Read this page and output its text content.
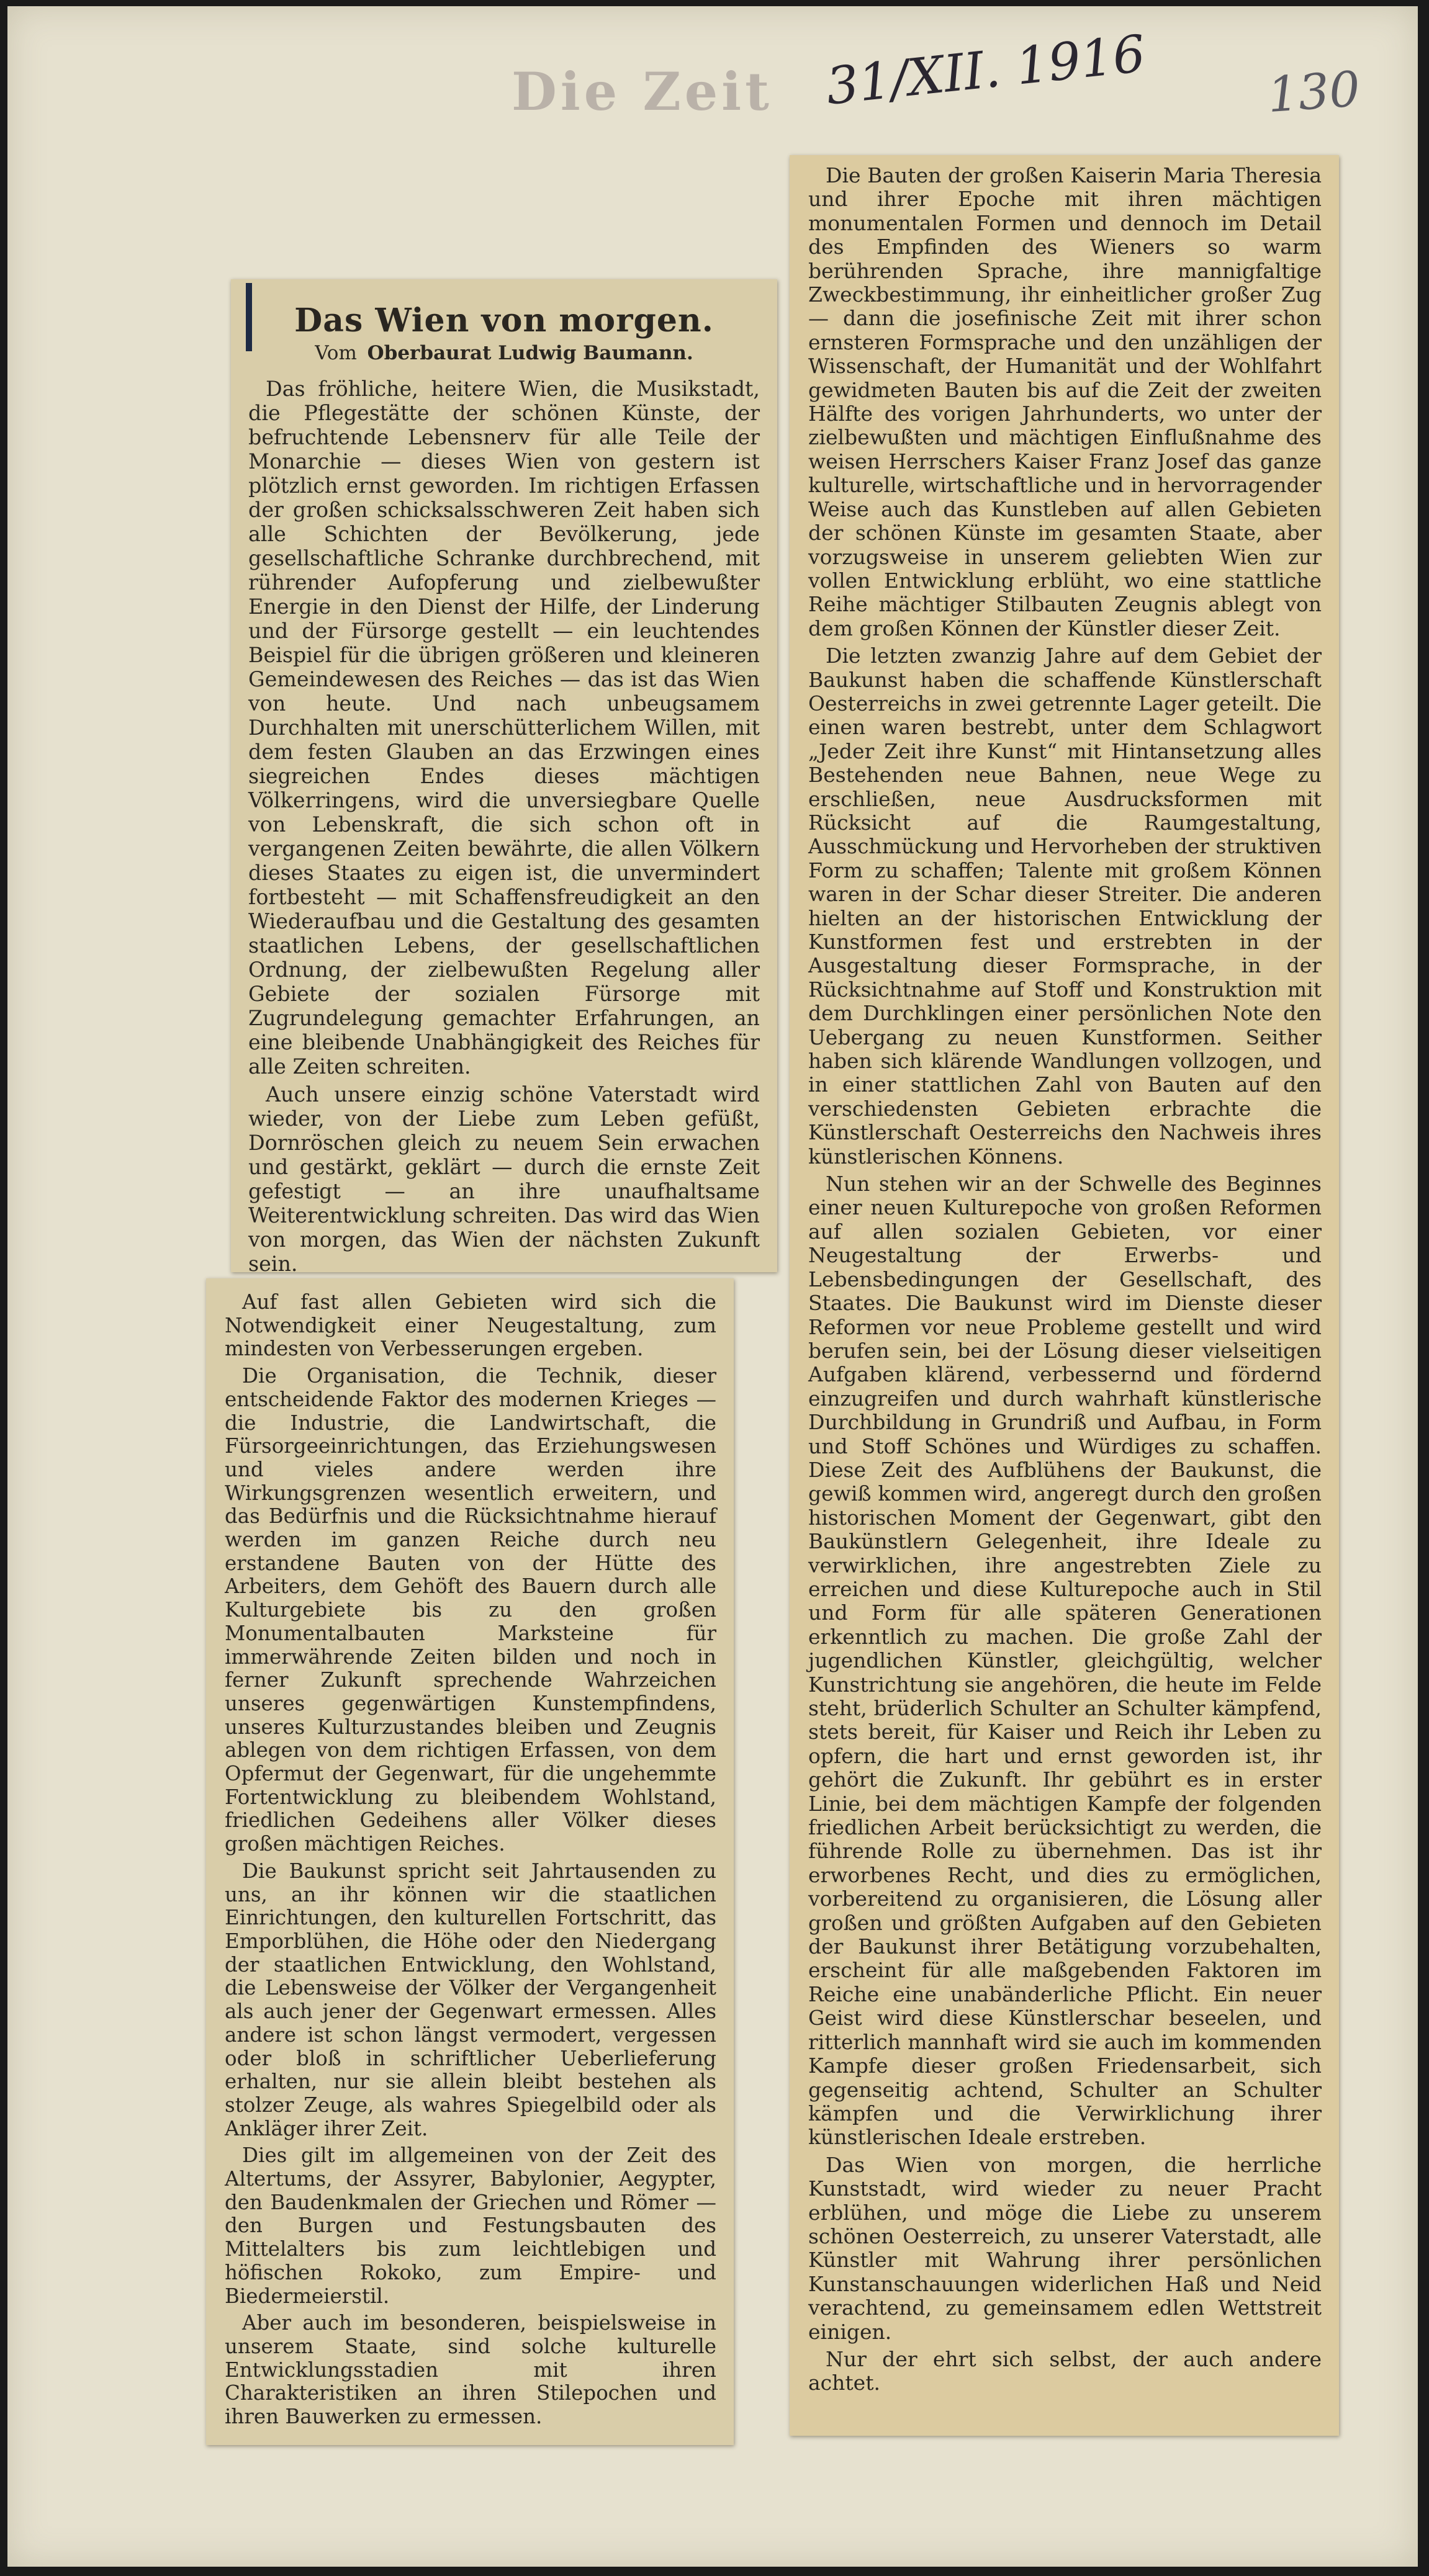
Die Zeit 31/XII. 1916 130
Das Wien von morgen.
Vom Oberbaurat Ludwig Baumann.

Das fröhliche, heitere Wien, die Musikstadt, die Pflegestätte der schönen Künste, der befruchtende Lebensnerv für alle Teile der Monarchie — dieses Wien von gestern ist plötzlich ernst geworden. Im richtigen Erfassen der großen schicksalsschweren Zeit haben sich alle Schichten der Bevölkerung, jede gesellschaftliche Schranke durchbrechend, mit rührender Aufopferung und zielbewußter Energie in den Dienst der Hilfe, der Linderung und der Fürsorge gestellt — ein leuchtendes Beispiel für die übrigen größeren und kleineren Gemeindewesen des Reiches — das ist das Wien von heute. Und nach unbeugsamem Durchhalten mit unerschütterlichem Willen, mit dem festen Glauben an das Erzwingen eines siegreichen Endes dieses mächtigen Völkerringens, wird die unversiegbare Quelle von Lebenskraft, die sich schon oft in vergangenen Zeiten bewährte, die allen Völkern dieses Staates zu eigen ist, die unvermindert fortbesteht — mit Schaffensfreudigkeit an den Wiederaufbau und die Gestaltung des gesamten staatlichen Lebens, der gesellschaftlichen Ordnung, der zielbewußten Regelung aller Gebiete der sozialen Fürsorge mit Zugrundelegung gemachter Erfahrungen, an eine bleibende Unabhängigkeit des Reiches für alle Zeiten schreiten.

Auch unsere einzig schöne Vaterstadt wird wieder, von der Liebe zum Leben gefüßt, Dornröschen gleich zu neuem Sein erwachen und gestärkt, geklärt — durch die ernste Zeit gefestigt — an ihre unaufhaltsame Weiterentwicklung schreiten. Das wird das Wien von morgen, das Wien der nächsten Zukunft sein.

Auf fast allen Gebieten wird sich die Notwendigkeit einer Neugestaltung, zum mindesten von Verbesserungen ergeben.

Die Organisation, die Technik, dieser entscheidende Faktor des modernen Krieges — die Industrie, die Landwirtschaft, die Fürsorgeeinrichtungen, das Erziehungswesen und vieles andere werden ihre Wirkungsgrenzen wesentlich erweitern, und das Bedürfnis und die Rücksichtnahme hierauf werden im ganzen Reiche durch neu erstandene Bauten von der Hütte des Arbeiters, dem Gehöft des Bauern durch alle Kulturgebiete bis zu den großen Monumentalbauten Marksteine für immerwährende Zeiten bilden und noch in ferner Zukunft sprechende Wahrzeichen unseres gegenwärtigen Kunstempfindens, unseres Kulturzustandes bleiben und Zeugnis ablegen von dem richtigen Erfassen, von dem Opfermut der Gegenwart, für die ungehemmte Fortentwicklung zu bleibendem Wohlstand, friedlichen Gedeihens aller Völker dieses großen mächtigen Reiches.

Die Baukunst spricht seit Jahrtausenden zu uns, an ihr können wir die staatlichen Einrichtungen, den kulturellen Fortschritt, das Emporblühen, die Höhe oder den Niedergang der staatlichen Entwicklung, den Wohlstand, die Lebensweise der Völker der Vergangenheit als auch jener der Gegenwart ermessen. Alles andere ist schon längst vermodert, vergessen oder bloß in schriftlicher Ueberlieferung erhalten, nur sie allein bleibt bestehen als stolzer Zeuge, als wahres Spiegelbild oder als Ankläger ihrer Zeit.

Dies gilt im allgemeinen von der Zeit des Altertums, der Assyrer, Babylonier, Aegypter, den Baudenkmalen der Griechen und Römer — den Burgen und Festungsbauten des Mittelalters bis zum leichtlebigen und höfischen Rokoko, zum Empire- und Biedermeierstil.

Aber auch im besonderen, beispielsweise in unserem Staate, sind solche kulturelle Entwicklungsstadien mit ihren Charakteristiken an ihren Stilepochen und ihren Bauwerken zu ermessen.

Die Bauten der großen Kaiserin Maria Theresia und ihrer Epoche mit ihren mächtigen monumentalen Formen und dennoch im Detail des Empfinden des Wieners so warm berührenden Sprache, ihre mannigfaltige Zweckbestimmung, ihr einheitlicher großer Zug — dann die josefinische Zeit mit ihrer schon ernsteren Formsprache und den unzähligen der Wissenschaft, der Humanität und der Wohlfahrt gewidmeten Bauten bis auf die Zeit der zweiten Hälfte des vorigen Jahrhunderts, wo unter der zielbewußten und mächtigen Einflußnahme des weisen Herrschers Kaiser Franz Josef das ganze kulturelle, wirtschaftliche und in hervorragender Weise auch das Kunstleben auf allen Gebieten der schönen Künste im gesamten Staate, aber vorzugsweise in unserem geliebten Wien zur vollen Entwicklung erblüht, wo eine stattliche Reihe mächtiger Stilbauten Zeugnis ablegt von dem großen Können der Künstler dieser Zeit.

Die letzten zwanzig Jahre auf dem Gebiet der Baukunst haben die schaffende Künstlerschaft Oesterreichs in zwei getrennte Lager geteilt. Die einen waren bestrebt, unter dem Schlagwort „Jeder Zeit ihre Kunst“ mit Hintansetzung alles Bestehenden neue Bahnen, neue Wege zu erschließen, neue Ausdrucksformen mit Rücksicht auf die Raumgestaltung, Ausschmückung und Hervorheben der struktiven Form zu schaffen; Talente mit großem Können waren in der Schar dieser Streiter. Die anderen hielten an der historischen Entwicklung der Kunstformen fest und erstrebten in der Ausgestaltung dieser Formsprache, in der Rücksichtnahme auf Stoff und Konstruktion mit dem Durchklingen einer persönlichen Note den Uebergang zu neuen Kunstformen. Seither haben sich klärende Wandlungen vollzogen, und in einer stattlichen Zahl von Bauten auf den verschiedensten Gebieten erbrachte die Künstlerschaft Oesterreichs den Nachweis ihres künstlerischen Könnens.

Nun stehen wir an der Schwelle des Beginnes einer neuen Kulturepoche von großen Reformen auf allen sozialen Gebieten, vor einer Neugestaltung der Erwerbs- und Lebensbedingungen der Gesellschaft, des Staates. Die Baukunst wird im Dienste dieser Reformen vor neue Probleme gestellt und wird berufen sein, bei der Lösung dieser vielseitigen Aufgaben klärend, verbessernd und fördernd einzugreifen und durch wahrhaft künstlerische Durchbildung in Grundriß und Aufbau, in Form und Stoff Schönes und Würdiges zu schaffen. Diese Zeit des Aufblühens der Baukunst, die gewiß kommen wird, angeregt durch den großen historischen Moment der Gegenwart, gibt den Baukünstlern Gelegenheit, ihre Ideale zu verwirklichen, ihre angestrebten Ziele zu erreichen und diese Kulturepoche auch in Stil und Form für alle späteren Generationen erkenntlich zu machen. Die große Zahl der jugendlichen Künstler, gleichgültig, welcher Kunstrichtung sie angehören, die heute im Felde steht, brüderlich Schulter an Schulter kämpfend, stets bereit, für Kaiser und Reich ihr Leben zu opfern, die hart und ernst geworden ist, ihr gehört die Zukunft. Ihr gebührt es in erster Linie, bei dem mächtigen Kampfe der folgenden friedlichen Arbeit berücksichtigt zu werden, die führende Rolle zu übernehmen. Das ist ihr erworbenes Recht, und dies zu ermöglichen, vorbereitend zu organisieren, die Lösung aller großen und größten Aufgaben auf den Gebieten der Baukunst ihrer Betätigung vorzubehalten, erscheint für alle maßgebenden Faktoren im Reiche eine unabänderliche Pflicht. Ein neuer Geist wird diese Künstlerschar beseelen, und ritterlich mannhaft wird sie auch im kommenden Kampfe dieser großen Friedensarbeit, sich gegenseitig achtend, Schulter an Schulter kämpfen und die Verwirklichung ihrer künstlerischen Ideale erstreben.

Das Wien von morgen, die herrliche Kunststadt, wird wieder zu neuer Pracht erblühen, und möge die Liebe zu unserem schönen Oesterreich, zu unserer Vaterstadt, alle Künstler mit Wahrung ihrer persönlichen Kunstanschauungen widerlichen Haß und Neid verachtend, zu gemeinsamem edlen Wettstreit einigen.

Nur der ehrt sich selbst, der auch andere achtet.
